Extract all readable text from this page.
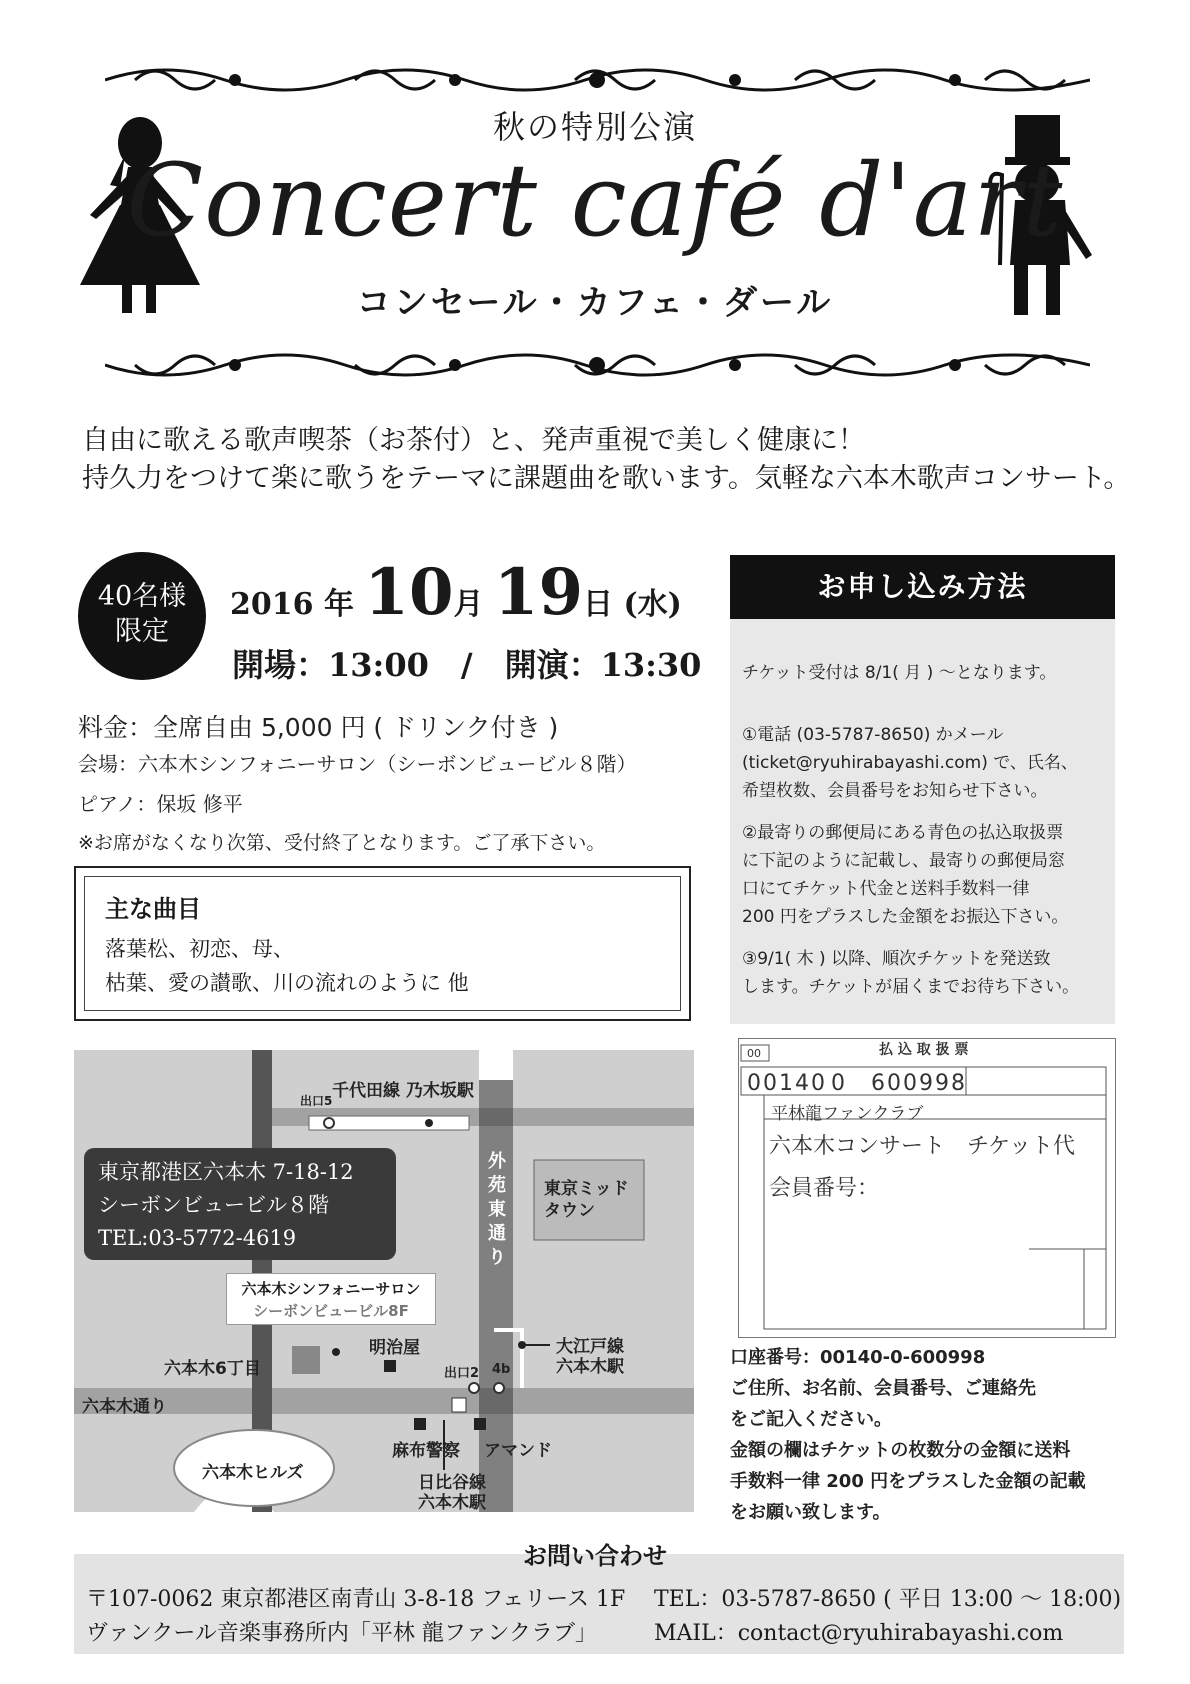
秋の特別公演
Concert café d'art
コンセール・カフェ・ダール
自由に歌える歌声喫茶（お茶付）と、発声重視で美しく健康に！
持久力をつけて楽に歌うをテーマに課題曲を歌います。気軽な六本木歌声コンサート。
40名様
限定
2016 年 10月 19日 (水)
開場：13:00　/　開演：13:30
料金：全席自由 5,000 円 ( ドリンク付き )
会場：六本木シンフォニーサロン（シーボンビュービル８階）
ピアノ：保坂 修平
※お席がなくなり次第、受付終了となります。ご了承下さい。
主な曲目
落葉松、初恋、母、
枯葉、愛の讃歌、川の流れのように 他
お申し込み方法

チケット受付は 8/1( 月 ) ～となります。

①電話 (03-5787-8650) かメール
(ticket@ryuhirabayashi.com) で、氏名、
希望枚数、会員番号をお知らせ下さい。

②最寄りの郵便局にある青色の払込取扱票
に下記のように記載し、最寄りの郵便局窓
口にてチケット代金と送料手数料一律
200 円をプラスした金額をお振込下さい。

③9/1( 木 ) 以降、順次チケットを発送致
します。チケットが届くまでお待ち下さい。

千代田線 乃木坂駅
出口5
外苑東通り
東京ミッドタウン
東京都港区六本木 7-18-12
シーボンビュービル８階
TEL:03-5772-4619
六本木シンフォニーサロン
シーボンビュービル8F
明治屋
六本木6丁目
六本木通り
出口2 4b
大江戸線
六本木駅
麻布警察 アマンド
六本木ヒルズ	日比谷線
六本木駅
00	払 込 取 扱 票
00140 0 600998
平林龍ファンクラブ
六本木コンサート　チケット代
会員番号：
口座番号：00140-0-600998
ご住所、お名前、会員番号、ご連絡先
をご記入ください。
金額の欄はチケットの枚数分の金額に送料
手数料一律 200 円をプラスした金額の記載
をお願い致します。
〒107-0062 東京都港区南青山 3-8-18 フェリース 1F
ヴァンクール音楽事務所内「平林 龍ファンクラブ」
TEL：03-5787-8650 ( 平日 13:00 ～ 18:00)
MAIL：contact@ryuhirabayashi.com
お問い合わせ
